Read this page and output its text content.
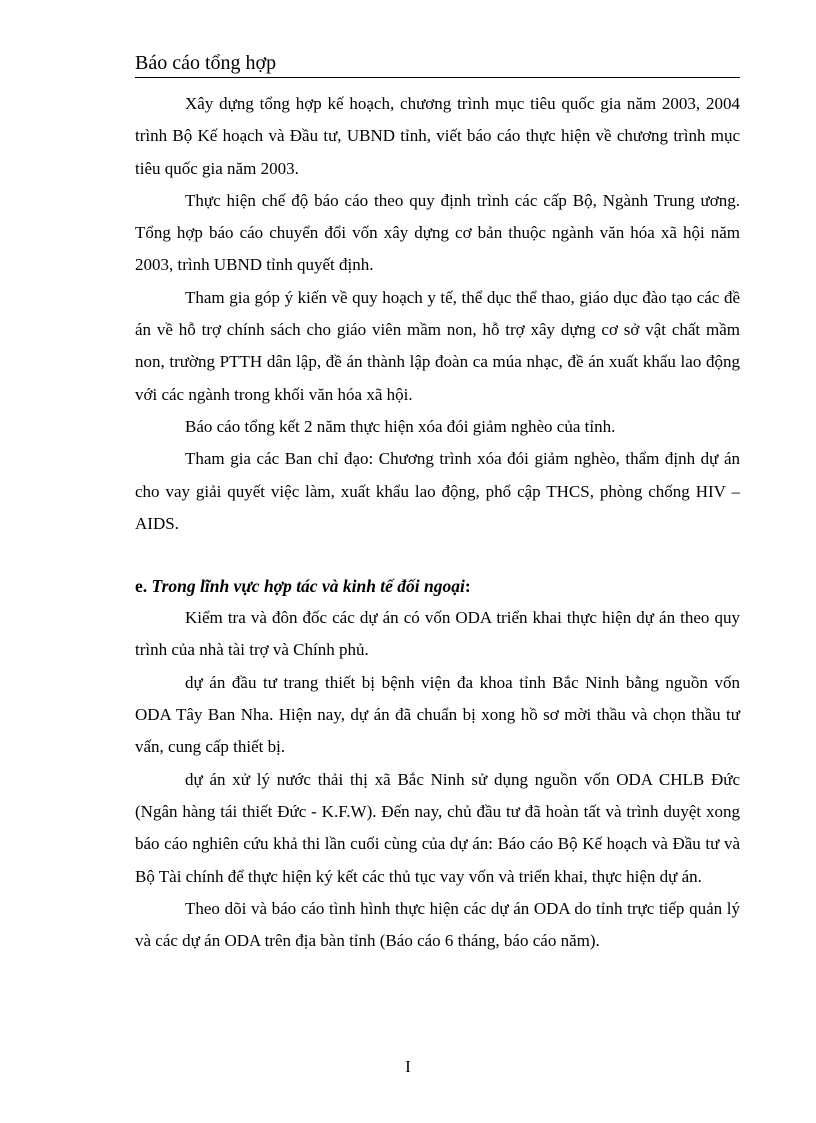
Báo cáo tổng hợp

Xây dựng tổng hợp kế hoạch, chương trình mục tiêu quốc gia năm 2003, 2004 trình Bộ Kế hoạch và Đầu tư, UBND tỉnh, viết báo cáo thực hiện về chương trình mục tiêu quốc gia năm 2003.

Thực hiện chế độ báo cáo theo quy định trình các cấp Bộ, Ngành Trung ương. Tổng hợp báo cáo chuyển đổi vốn xây dựng cơ bản thuộc ngành văn hóa xã hội năm 2003, trình UBND tỉnh quyết định.

Tham gia góp ý kiến về quy hoạch y tế, thể dục thể thao, giáo dục đào tạo các đề án về hỗ trợ chính sách cho giáo viên mầm non, hỗ trợ xây dựng cơ sở vật chất mầm non, trường PTTH dân lập, đề án thành lập đoàn ca múa nhạc, đề án xuất khẩu lao động với các ngành trong khối văn hóa xã hội.

Báo cáo tổng kết 2 năm thực hiện xóa đói giảm nghèo của tỉnh.

Tham gia các Ban chỉ đạo: Chương trình xóa đói giảm nghèo, thẩm định dự án cho vay giải quyết việc làm, xuất khẩu lao động, phổ cập THCS, phòng chống HIV – AIDS.

e. Trong lĩnh vực hợp tác và kinh tế đối ngoại:

Kiểm tra và đôn đốc các dự án có vốn ODA triển khai thực hiện dự án theo quy trình của nhà tài trợ và Chính phủ.

dự án đầu tư trang thiết bị bệnh viện đa khoa tỉnh Bắc Ninh bằng nguồn vốn ODA Tây Ban Nha. Hiện nay, dự án đã chuẩn bị xong hồ sơ mời thầu và chọn thầu tư vấn, cung cấp thiết bị.

dự án xử lý nước thải thị xã Bắc Ninh sử dụng nguồn vốn ODA CHLB Đức (Ngân hàng tái thiết Đức - K.F.W). Đến nay, chủ đầu tư đã hoàn tất và trình duyệt xong báo cáo nghiên cứu khả thi lần cuối cùng của dự án: Báo cáo Bộ Kế hoạch và Đầu tư và Bộ Tài chính để thực hiện ký kết các thủ tục vay vốn và triển khai, thực hiện dự án.

Theo dõi và báo cáo tình hình thực hiện các dự án ODA do tỉnh trực tiếp quản lý và các dự án ODA trên địa bàn tỉnh (Báo cáo 6 tháng, báo cáo năm).

I
